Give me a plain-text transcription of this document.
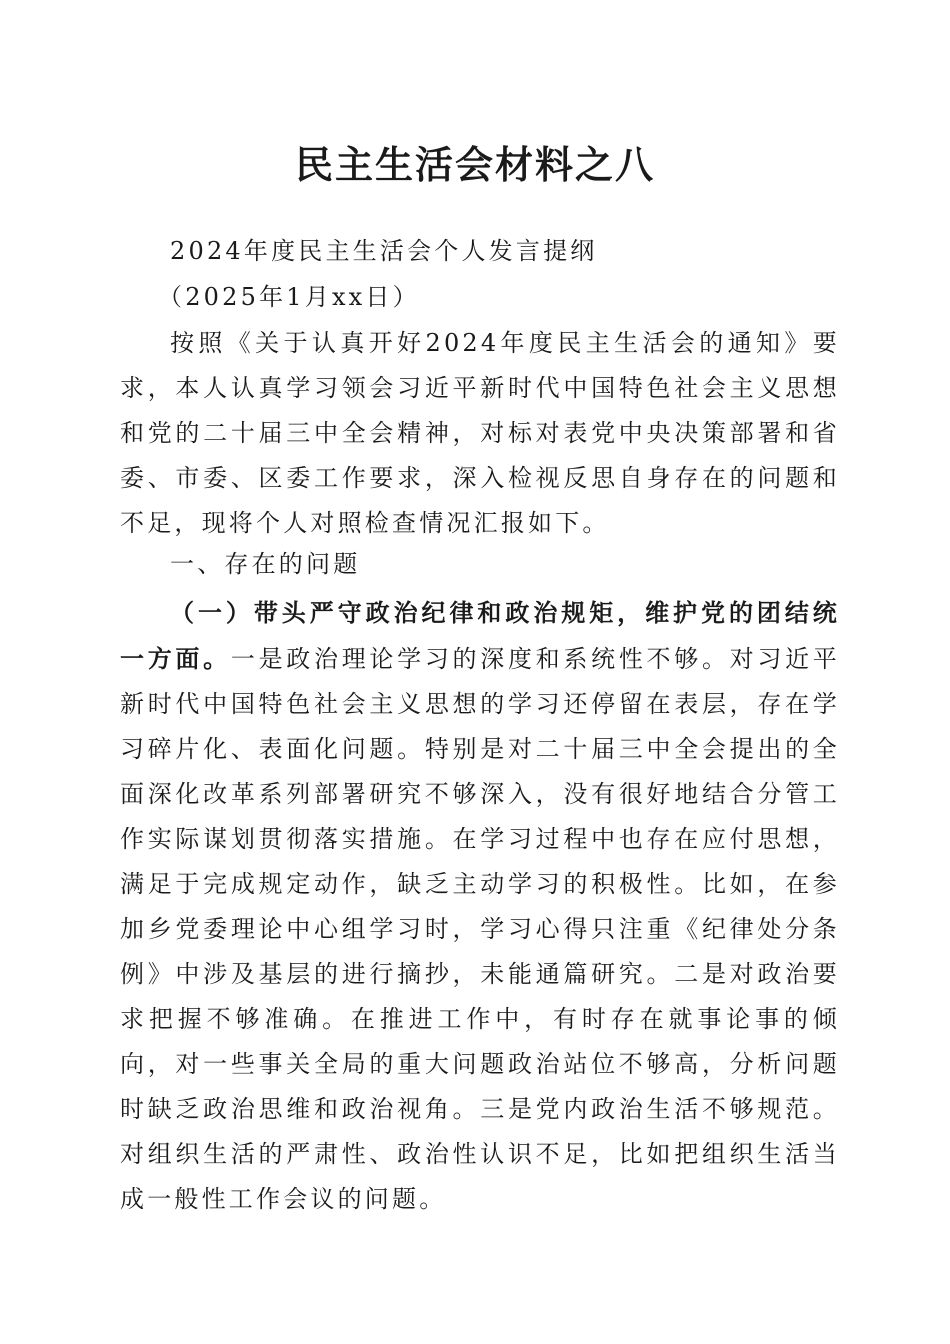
民主生活会材料之八
2024年度民主生活会个人发言提纲
（2025年1月xx日）
按照《关于认真开好2024年度民主生活会的通知》要求，本人认真学习领会习近平新时代中国特色社会主义思想和党的二十届三中全会精神，对标对表党中央决策部署和省委、市委、区委工作要求，深入检视反思自身存在的问题和不足，现将个人对照检查情况汇报如下。
一、存在的问题
（一）带头严守政治纪律和政治规矩，维护党的团结统一方面。一是政治理论学习的深度和系统性不够。对习近平新时代中国特色社会主义思想的学习还停留在表层，存在学习碎片化、表面化问题。特别是对二十届三中全会提出的全面深化改革系列部署研究不够深入，没有很好地结合分管工作实际谋划贯彻落实措施。在学习过程中也存在应付思想，满足于完成规定动作，缺乏主动学习的积极性。比如，在参加乡党委理论中心组学习时，学习心得只注重《纪律处分条例》中涉及基层的进行摘抄，未能通篇研究。二是对政治要求把握不够准确。在推进工作中，有时存在就事论事的倾向，对一些事关全局的重大问题政治站位不够高，分析问题时缺乏政治思维和政治视角。三是党内政治生活不够规范。对组织生活的严肃性、政治性认识不足，比如把组织生活当成一般性工作会议的问题。
